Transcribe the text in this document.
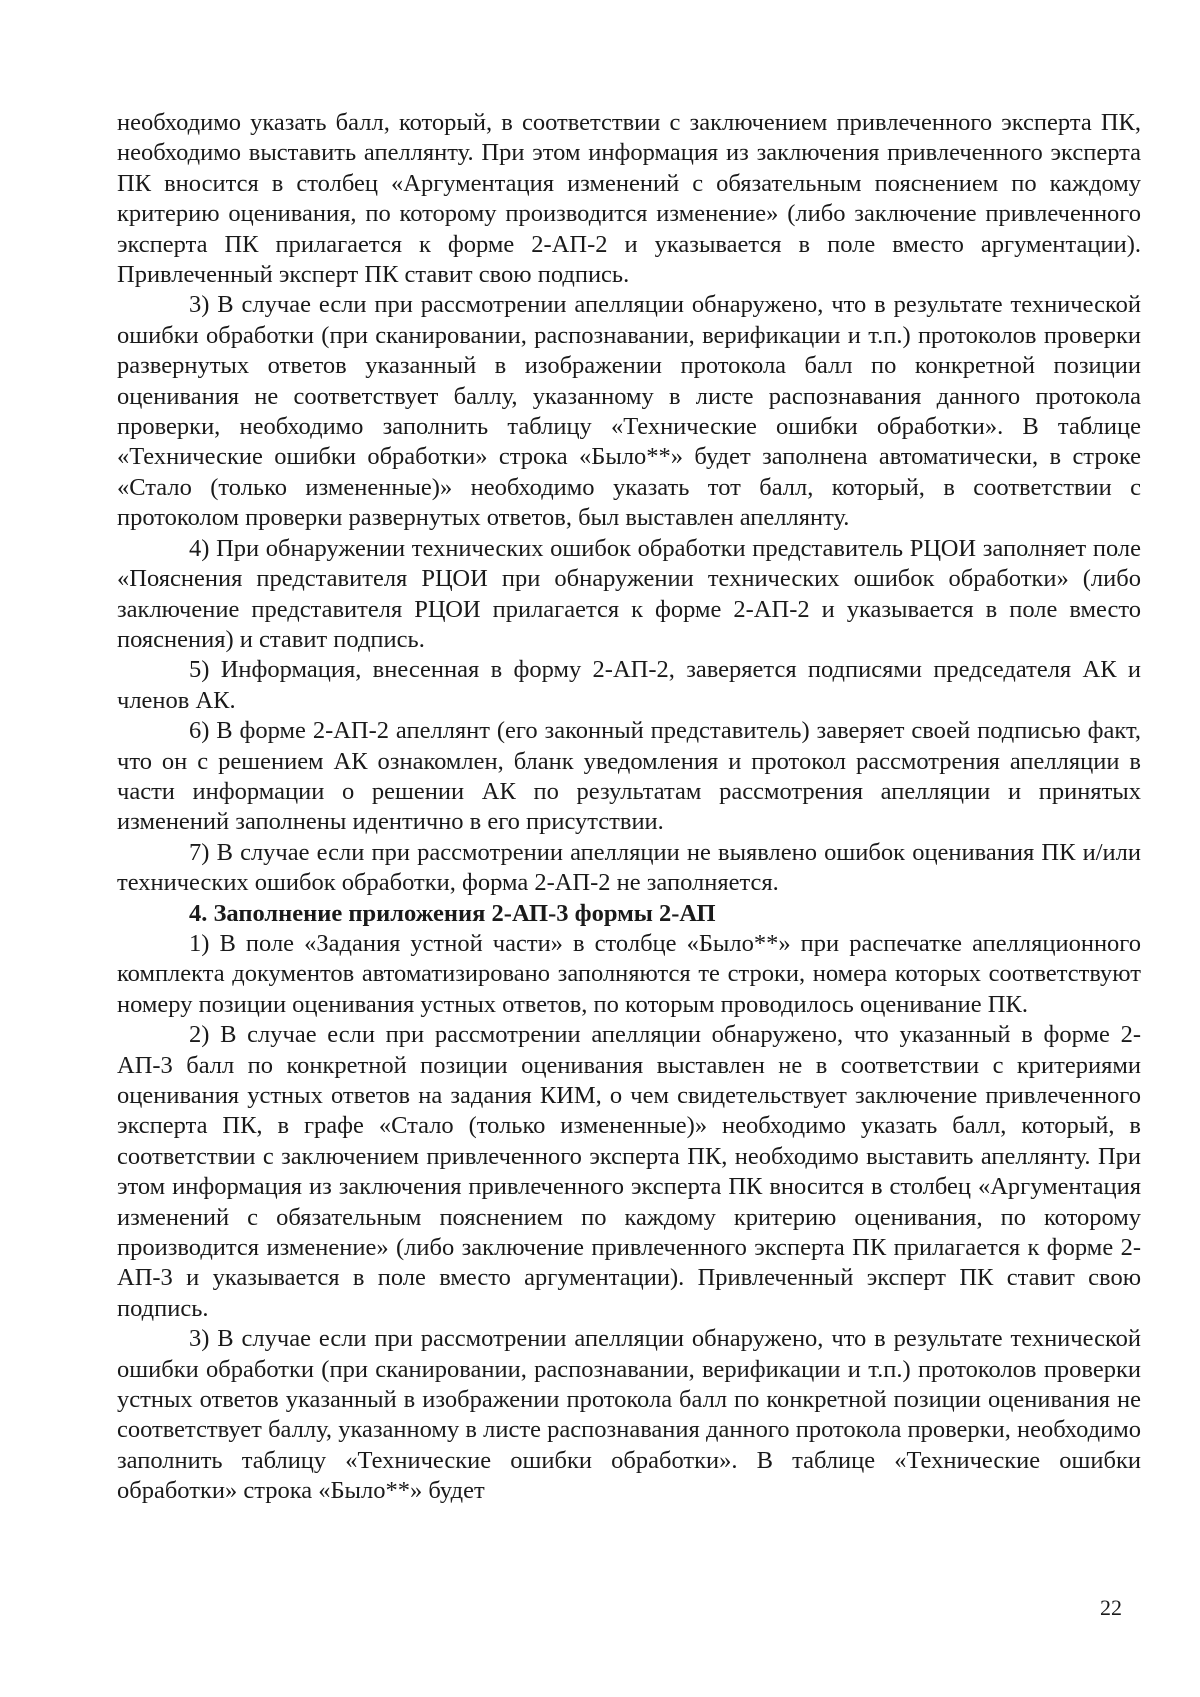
необходимо указать балл, который, в соответствии с заключением привлеченного эксперта ПК, необходимо выставить апеллянту. При этом информация из заключения привлеченного эксперта ПК вносится в столбец «Аргументация изменений с обязательным пояснением по каждому критерию оценивания, по которому производится изменение» (либо заключение привлеченного эксперта ПК прилагается к форме 2-АП-2 и указывается в поле вместо аргументации). Привлеченный эксперт ПК ставит свою подпись.

3) В случае если при рассмотрении апелляции обнаружено, что в результате технической ошибки обработки (при сканировании, распознавании, верификации и т.п.) протоколов проверки развернутых ответов указанный в изображении протокола балл по конкретной позиции оценивания не соответствует баллу, указанному в листе распознавания данного протокола проверки, необходимо заполнить таблицу «Технические ошибки обработки». В таблице «Технические ошибки обработки» строка «Было**» будет заполнена автоматически, в строке «Стало (только измененные)» необходимо указать тот балл, который, в соответствии с протоколом проверки развернутых ответов, был выставлен апеллянту.

4) При обнаружении технических ошибок обработки представитель РЦОИ заполняет поле «Пояснения представителя РЦОИ при обнаружении технических ошибок обработки» (либо заключение представителя РЦОИ прилагается к форме 2-АП-2 и указывается в поле вместо пояснения) и ставит подпись.

5) Информация, внесенная в форму 2-АП-2, заверяется подписями председателя АК и членов АК.

6) В форме 2-АП-2 апеллянт (его законный представитель) заверяет своей подписью факт, что он с решением АК ознакомлен, бланк уведомления и протокол рассмотрения апелляции в части информации о решении АК по результатам рассмотрения апелляции и принятых изменений заполнены идентично в его присутствии.

7) В случае если при рассмотрении апелляции не выявлено ошибок оценивания ПК и/или технических ошибок обработки, форма 2-АП-2 не заполняется.

4. Заполнение приложения 2-АП-3 формы 2-АП

1) В поле «Задания устной части» в столбце «Было**» при распечатке апелляционного комплекта документов автоматизировано заполняются те строки, номера которых соответствуют номеру позиции оценивания устных ответов, по которым проводилось оценивание ПК.

2) В случае если при рассмотрении апелляции обнаружено, что указанный в форме 2-АП-3 балл по конкретной позиции оценивания выставлен не в соответствии с критериями оценивания устных ответов на задания КИМ, о чем свидетельствует заключение привлеченного эксперта ПК, в графе «Стало (только измененные)» необходимо указать балл, который, в соответствии с заключением привлеченного эксперта ПК, необходимо выставить апеллянту. При этом информация из заключения привлеченного эксперта ПК вносится в столбец «Аргументация изменений с обязательным пояснением по каждому критерию оценивания, по которому производится изменение» (либо заключение привлеченного эксперта ПК прилагается к форме 2-АП-3 и указывается в поле вместо аргументации). Привлеченный эксперт ПК ставит свою подпись.

3) В случае если при рассмотрении апелляции обнаружено, что в результате технической ошибки обработки (при сканировании, распознавании, верификации и т.п.) протоколов проверки устных ответов указанный в изображении протокола балл по конкретной позиции оценивания не соответствует баллу, указанному в листе распознавания данного протокола проверки, необходимо заполнить таблицу «Технические ошибки обработки». В таблице «Технические ошибки обработки» строка «Было**» будет

22
